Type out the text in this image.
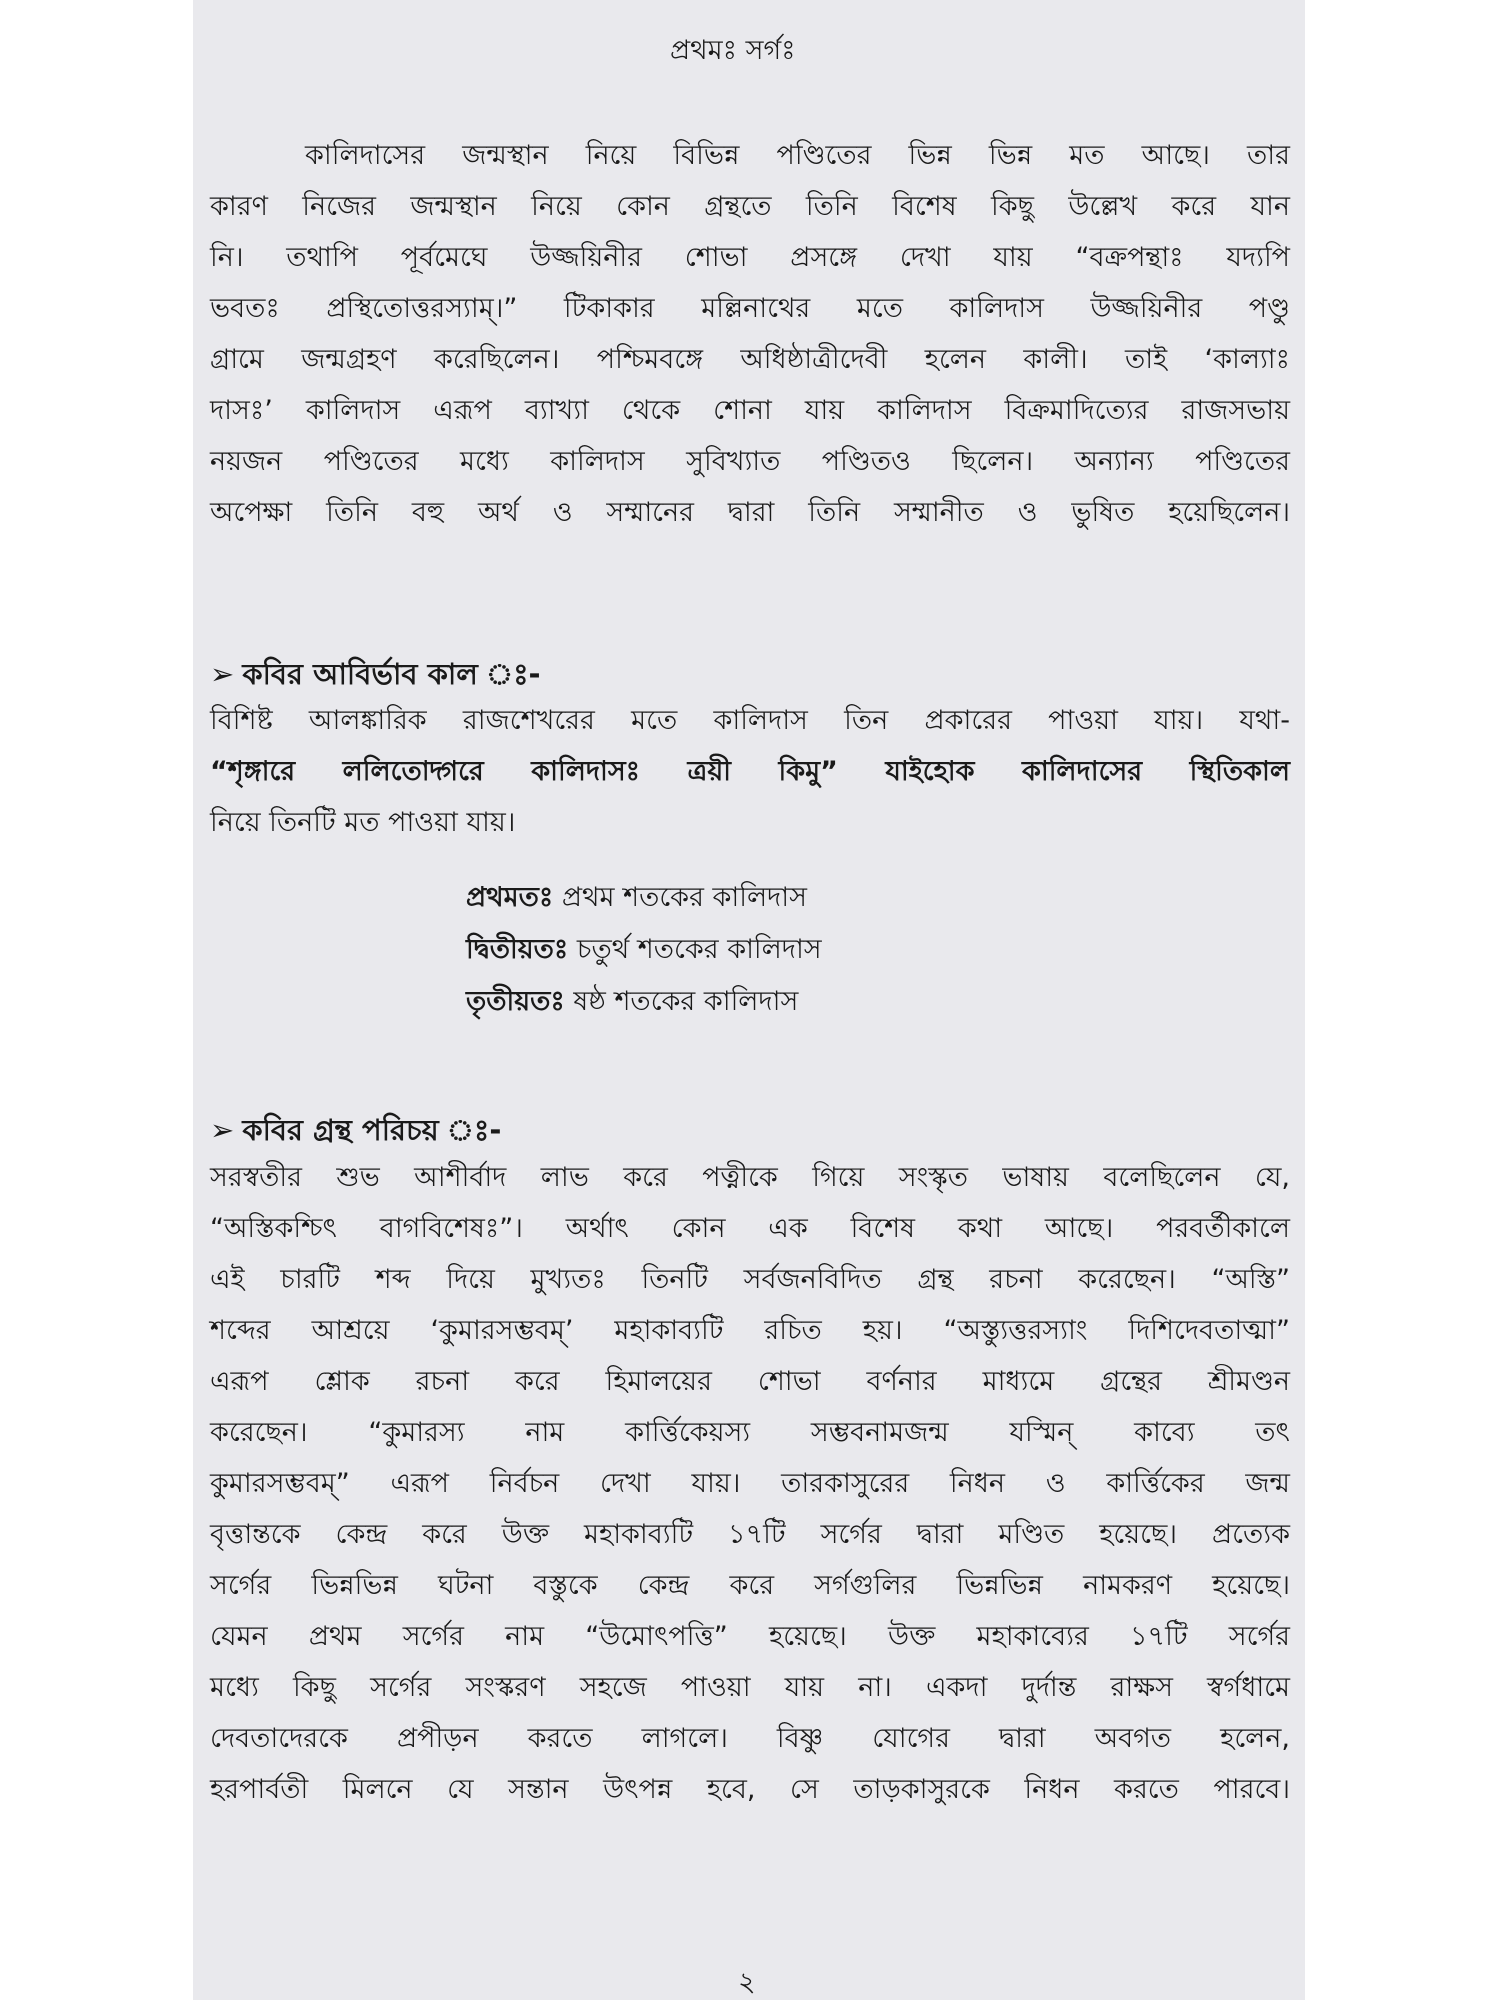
প্রথমঃ সর্গঃ
কালিদাসের জন্মস্থান নিয়ে বিভিন্ন পণ্ডিতের ভিন্ন ভিন্ন মত আছে। তার
কারণ নিজের জন্মস্থান নিয়ে কোন গ্রন্থতে তিনি বিশেষ কিছু উল্লেখ করে যান
নি। তথাপি পূর্বমেঘে উজ্জয়িনীর শোভা প্রসঙ্গে দেখা যায় “বক্রপন্থাঃ যদ্যপি
ভবতঃ প্রস্থিতোত্তরস্যাম্।” টিকাকার মল্লিনাথের মতে কালিদাস উজ্জয়িনীর পণ্ডু
গ্রামে জন্মগ্রহণ করেছিলেন। পশ্চিমবঙ্গে অধিষ্ঠাত্রীদেবী হলেন কালী। তাই ‘কাল্যাঃ
দাসঃ’ কালিদাস এরূপ ব্যাখ্যা থেকে শোনা যায় কালিদাস বিক্রমাদিত্যের রাজসভায়
নয়জন পণ্ডিতের মধ্যে কালিদাস সুবিখ্যাত পণ্ডিতও ছিলেন। অন্যান্য পণ্ডিতের
অপেক্ষা তিনি বহু অর্থ ও সম্মানের দ্বারা তিনি সম্মানীত ও ভুষিত হয়েছিলেন।
➢ কবির আবির্ভাব কাল ঃ-
বিশিষ্ট আলঙ্কারিক রাজশেখরের মতে কালিদাস তিন প্রকারের পাওয়া যায়। যথা-
“শৃঙ্গারে ললিতোদ্গরে কালিদাসঃ ত্রয়ী কিমু” যাইহোক কালিদাসের স্থিতিকাল
নিয়ে তিনটি মত পাওয়া যায়।
প্রথমতঃ প্রথম শতকের কালিদাস
দ্বিতীয়তঃ চতুর্থ শতকের কালিদাস
তৃতীয়তঃ ষষ্ঠ শতকের কালিদাস
➢ কবির গ্রন্থ পরিচয় ঃ-
সরস্বতীর শুভ আশীর্বাদ লাভ করে পত্নীকে গিয়ে সংস্কৃত ভাষায় বলেছিলেন যে,
“অস্তিকশ্চিৎ বাগবিশেষঃ”। অর্থাৎ কোন এক বিশেষ কথা আছে। পরবর্তীকালে
এই চারটি শব্দ দিয়ে মুখ্যতঃ তিনটি সর্বজনবিদিত গ্রন্থ রচনা করেছেন। “অস্তি”
শব্দের আশ্রয়ে ‘কুমারসম্ভবম্’ মহাকাব্যটি রচিত হয়। “অস্ত্যুত্তরস্যাং দিশিদেবতাত্মা”
এরূপ শ্লোক রচনা করে হিমালয়ের শোভা বর্ণনার মাধ্যমে গ্রন্থের শ্রীমণ্ডন
করেছেন। “কুমারস্য নাম কার্ত্তিকেয়স্য সম্ভবনামজন্ম যস্মিন্ কাব্যে তৎ
কুমারসম্ভবম্” এরূপ নির্বচন দেখা যায়। তারকাসুরের নিধন ও কার্ত্তিকের জন্ম
বৃত্তান্তকে কেন্দ্র করে উক্ত মহাকাব্যটি ১৭টি সর্গের দ্বারা মণ্ডিত হয়েছে। প্রত্যেক
সর্গের ভিন্নভিন্ন ঘটনা বস্তুকে কেন্দ্র করে সর্গগুলির ভিন্নভিন্ন নামকরণ হয়েছে।
যেমন প্রথম সর্গের নাম “উমোৎপত্তি” হয়েছে। উক্ত মহাকাব্যের ১৭টি সর্গের
মধ্যে কিছু সর্গের সংস্করণ সহজে পাওয়া যায় না। একদা দুর্দান্ত রাক্ষস স্বর্গধামে
দেবতাদেরকে প্রপীড়ন করতে লাগলে। বিষ্ণু যোগের দ্বারা অবগত হলেন,
হরপার্বতী মিলনে যে সন্তান উৎপন্ন হবে, সে তাড়কাসুরকে নিধন করতে পারবে।
২
